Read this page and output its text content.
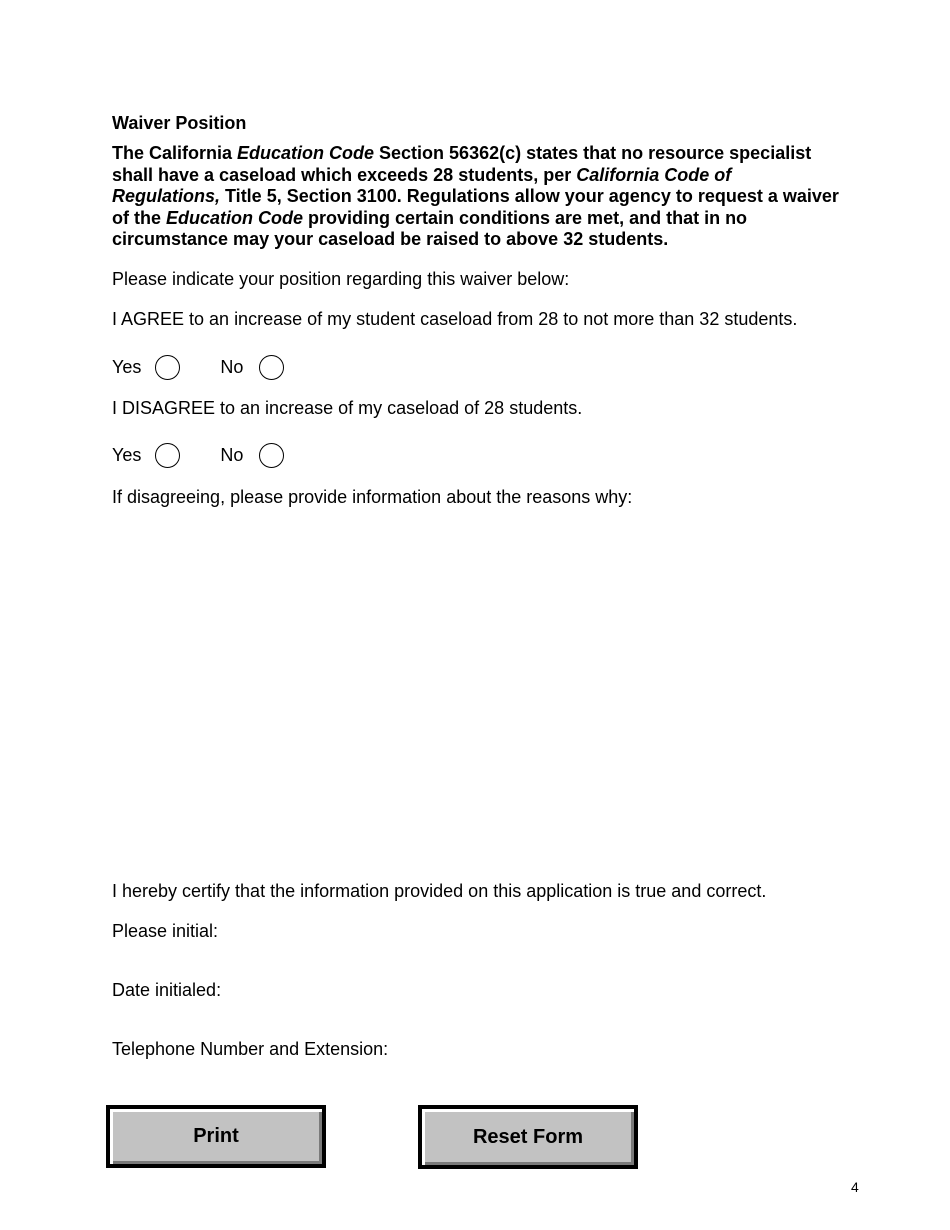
Waiver Position
The California Education Code Section 56362(c) states that no resource specialist shall have a caseload which exceeds 28 students, per California Code of Regulations, Title 5, Section 3100. Regulations allow your agency to request a waiver of the Education Code providing certain conditions are met, and that in no circumstance may your caseload be raised to above 32 students.
Please indicate your position regarding this waiver below:
I AGREE to an increase of my student caseload from 28 to not more than 32 students.
Yes	No
I DISAGREE to an increase of my caseload of 28 students.
Yes	No
If disagreeing, please provide information about the reasons why:
I hereby certify that the information provided on this application is true and correct.
Please initial:
Date initialed:
Telephone Number and Extension:
Print	Reset Form
4
